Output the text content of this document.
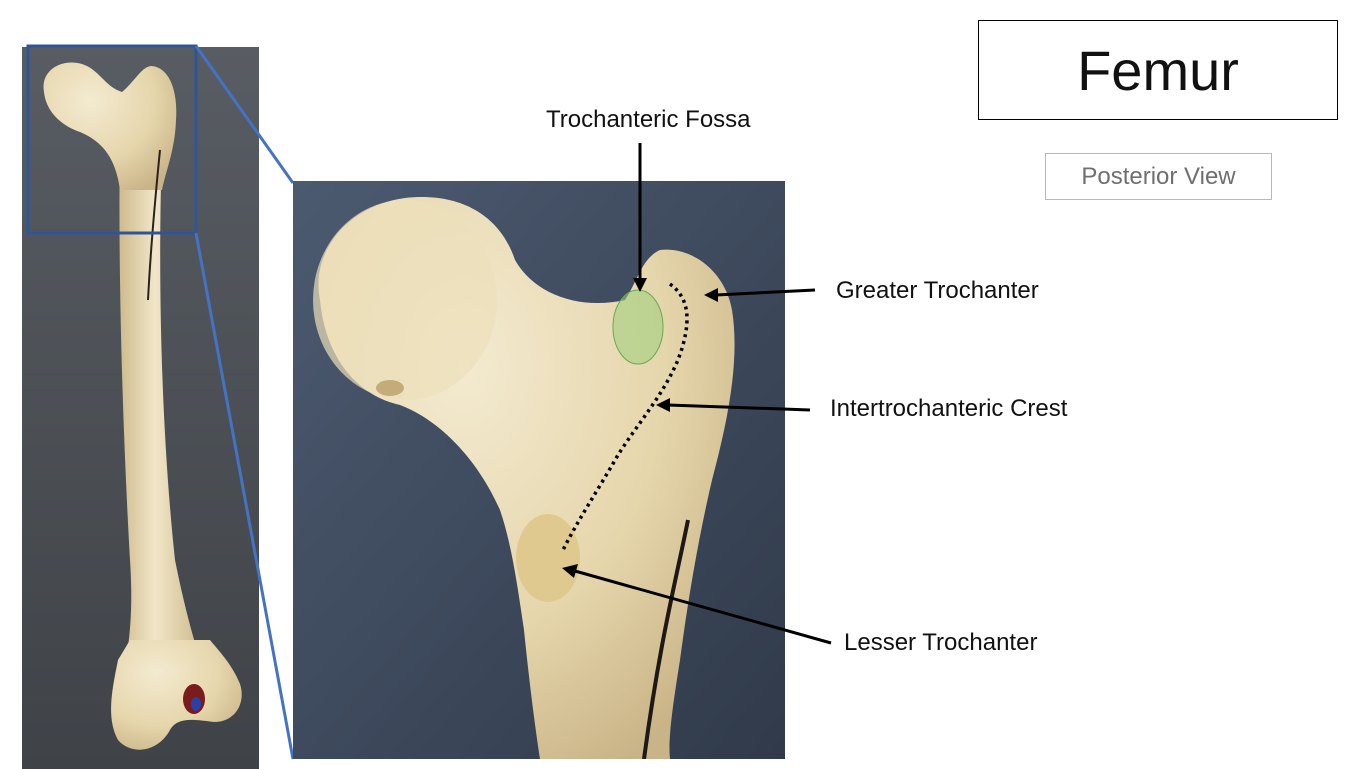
Femur
Posterior View
Trochanteric Fossa
Greater Trochanter
Intertrochanteric Crest
Lesser Trochanter
